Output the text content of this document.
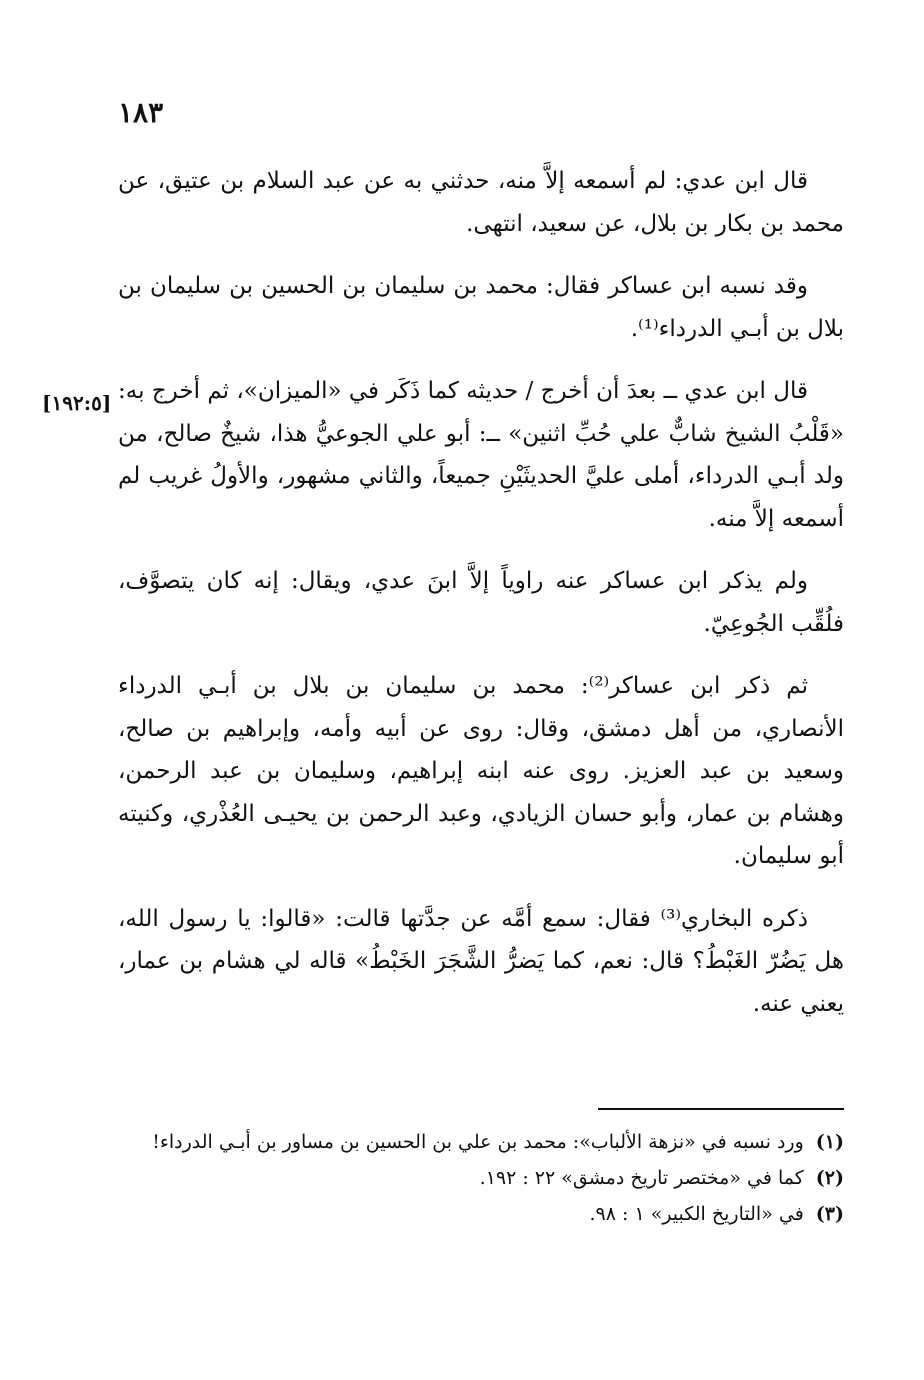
١٨٣
[١٩٢:٥]

قال ابن عدي: لم أسمعه إلاَّ منه، حدثني به عن عبد السلام بن عتيق، عن محمد بن بكار بن بلال، عن سعيد، انتهى.

وقد نسبه ابن عساكر فقال: محمد بن سليمان بن الحسين بن سليمان بن بلال بن أبـي الدرداء⁽¹⁾.

قال ابن عدي ــ بعدَ أن أخرج / حديثه كما ذَكَر في «الميزان»، ثم أخرج به: «قَلْبُ الشيخ شابٌّ علي حُبِّ اثنين» ــ: أبو علي الجوعيُّ هذا، شيخٌ صالح، من ولد أبـي الدرداء، أملى عليَّ الحديثَيْنِ جميعاً، والثاني مشهور، والأولُ غريب لم أسمعه إلاَّ منه.

ولم يذكر ابن عساكر عنه راوياً إلاَّ ابنَ عدي، ويقال: إنه كان يتصوَّف، فلُقِّب الجُوعِيّ.

ثم ذكر ابن عساكر⁽²⁾: محمد بن سليمان بن بلال بن أبـي الدرداء الأنصاري، من أهل دمشق، وقال: روى عن أبيه وأمه، وإبراهيم بن صالح، وسعيد بن عبد العزيز. روى عنه ابنه إبراهيم، وسليمان بن عبد الرحمن، وهشام بن عمار، وأبو حسان الزيادي، وعبد الرحمن بن يحيـى العُذْري، وكنيته أبو سليمان.

ذكره البخاري⁽³⁾ فقال: سمع أمَّه عن جدَّتها قالت: «قالوا: يا رسول الله، هل يَضُرّ الغَبْطُ؟ قال: نعم، كما يَضرُّ الشَّجَرَ الخَبْطُ» قاله لي هشام بن عمار، يعني عنه.

(١)ورد نسبه في «نزهة الألباب»: محمد بن علي بن الحسين بن مساور بن أبـي الدرداء!

(٢)كما في «مختصر تاريخ دمشق» ٢٢ : ١٩٢.

(٣)في «التاريخ الكبير» ١ : ٩٨.
